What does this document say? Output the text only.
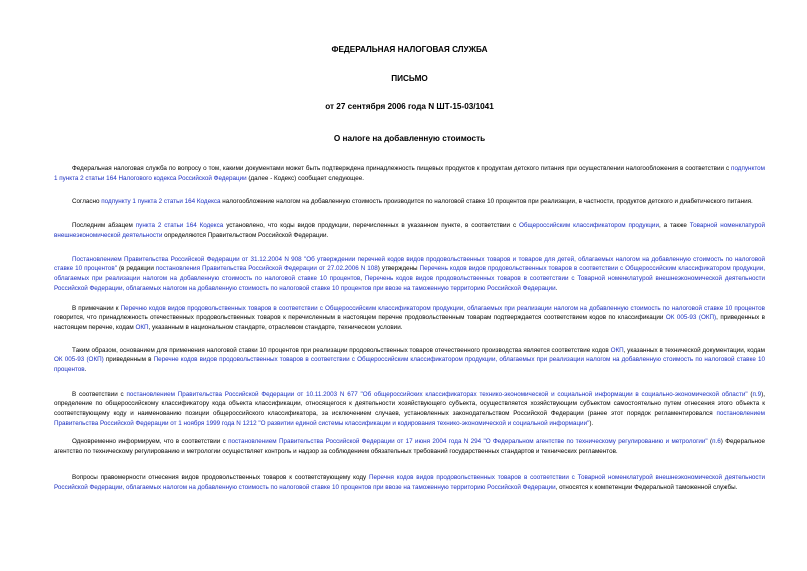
ФЕДЕРАЛЬНАЯ НАЛОГОВАЯ СЛУЖБА
ПИСЬМО
от 27 сентября 2006 года N ШТ-15-03/1041
О налоге на добавленную стоимость

Федеральная налоговая служба по вопросу о том, какими документами может быть подтверждена принадлежность пищевых продуктов к продуктам детского питания при осуществлении налогообложения в соответствии с подпунктом 1 пункта 2 статьи 164 Налогового кодекса Российской Федерации (далее - Кодекс) сообщает следующее.

Согласно подпункту 1 пункта 2 статьи 164 Кодекса налогообложение налогом на добавленную стоимость производится по налоговой ставке 10 процентов при реализации, в частности, продуктов детского и диабетического питания.

Последним абзацем пункта 2 статьи 164 Кодекса установлено, что коды видов продукции, перечисленных в указанном пункте, в соответствии с Общероссийским классификатором продукции, а также Товарной номенклатурой внешнеэкономической деятельности определяются Правительством Российской Федерации.

Постановлением Правительства Российской Федерации от 31.12.2004 N 908 "Об утверждении перечней кодов видов продовольственных товаров и товаров для детей, облагаемых налогом на добавленную стоимость по налоговой ставке 10 процентов" (в редакции постановления Правительства Российской Федерации от 27.02.2006 N 108) утверждены Перечень кодов видов продовольственных товаров в соответствии с Общероссийским классификатором продукции, облагаемых при реализации налогом на добавленную стоимость по налоговой ставке 10 процентов, Перечень кодов видов продовольственных товаров в соответствии с Товарной номенклатурой внешнеэкономической деятельности Российской Федерации, облагаемых налогом на добавленную стоимость по налоговой ставке 10 процентов при ввозе на таможенную территорию Российской Федерации.

В примечании к Перечню кодов видов продовольственных товаров в соответствии с Общероссийским классификатором продукции, облагаемых при реализации налогом на добавленную стоимость по налоговой ставке 10 процентов говорится, что принадлежность отечественных продовольственных товаров к перечисленным в настоящем перечне продовольственным товарам подтверждается соответствием кодов по классификации ОК 005-93 (ОКП), приведенных в настоящем перечне, кодам ОКП, указанным в национальном стандарте, отраслевом стандарте, техническом условии.

Таким образом, основанием для применения налоговой ставки 10 процентов при реализации продовольственных товаров отечественного производства является соответствие кодов ОКП, указанных в технической документации, кодам ОК 005-93 (ОКП) приведенным в Перечне кодов видов продовольственных товаров в соответствии с Общероссийским классификатором продукции, облагаемых при реализации налогом на добавленную стоимость по налоговой ставке 10 процентов.

В соответствии с постановлением Правительства Российской Федерации от 10.11.2003 N 677 "Об общероссийских классификаторах технико-экономической и социальной информации в социально-экономической области" (п.9), определение по общероссийскому классификатору кода объекта классификации, относящегося к деятельности хозяйствующего субъекта, осуществляется хозяйствующим субъектом самостоятельно путем отнесения этого объекта к соответствующему коду и наименованию позиции общероссийского классификатора, за исключением случаев, установленных законодательством Российской Федерации (ранее этот порядок регламентировался постановлением Правительства Российской Федерации от 1 ноября 1999 года N 1212 "О развитии единой системы классификации и кодирования технико-экономической и социальной информации").

Одновременно информируем, что в соответствии с постановлением Правительства Российской Федерации от 17 июня 2004 года N 294 "О Федеральном агентстве по техническому регулированию и метрологии" (п.6) Федеральное агентство по техническому регулированию и метрологии осуществляет контроль и надзор за соблюдением обязательных требований государственных стандартов и технических регламентов.

Вопросы правомерности отнесения видов продовольственных товаров к соответствующему коду Перечня кодов видов продовольственных товаров в соответствии с Товарной номенклатурой внешнеэкономической деятельности Российской Федерации, облагаемых налогом на добавленную стоимость по налоговой ставке 10 процентов при ввозе на таможенную территорию Российской Федерации, относятся к компетенции Федеральной таможенной службы.
